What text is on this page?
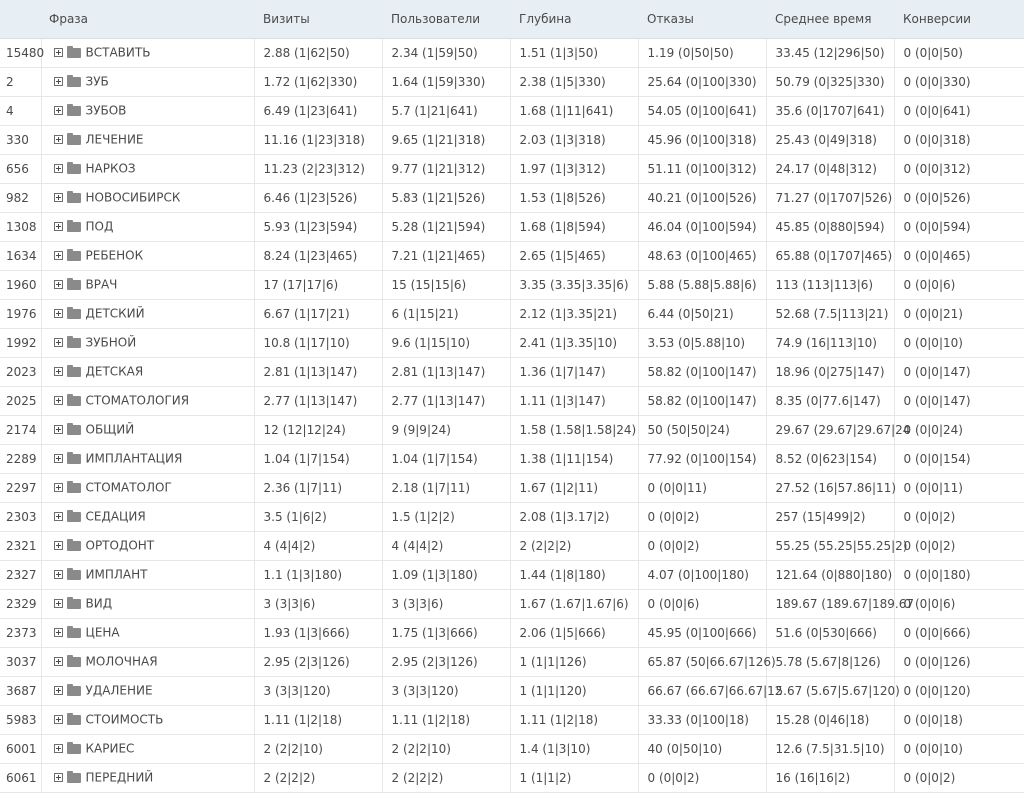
	Фраза	Визиты	Пользователи	Глубина	Отказы	Среднее время	Конверсии
15480	ВСТАВИТЬ	2.88 (1|62|50)	2.34 (1|59|50)	1.51 (1|3|50)	1.19 (0|50|50)	33.45 (12|296|50)	0 (0|0|50)
2	ЗУБ	1.72 (1|62|330)	1.64 (1|59|330)	2.38 (1|5|330)	25.64 (0|100|330)	50.79 (0|325|330)	0 (0|0|330)
4	ЗУБОВ	6.49 (1|23|641)	5.7 (1|21|641)	1.68 (1|11|641)	54.05 (0|100|641)	35.6 (0|1707|641)	0 (0|0|641)
330	ЛЕЧЕНИЕ	11.16 (1|23|318)	9.65 (1|21|318)	2.03 (1|3|318)	45.96 (0|100|318)	25.43 (0|49|318)	0 (0|0|318)
656	НАРКОЗ	11.23 (2|23|312)	9.77 (1|21|312)	1.97 (1|3|312)	51.11 (0|100|312)	24.17 (0|48|312)	0 (0|0|312)
982	НОВОСИБИРСК	6.46 (1|23|526)	5.83 (1|21|526)	1.53 (1|8|526)	40.21 (0|100|526)	71.27 (0|1707|526)	0 (0|0|526)
1308	ПОД	5.93 (1|23|594)	5.28 (1|21|594)	1.68 (1|8|594)	46.04 (0|100|594)	45.85 (0|880|594)	0 (0|0|594)
1634	РЕБЕНОК	8.24 (1|23|465)	7.21 (1|21|465)	2.65 (1|5|465)	48.63 (0|100|465)	65.88 (0|1707|465)	0 (0|0|465)
1960	ВРАЧ	17 (17|17|6)	15 (15|15|6)	3.35 (3.35|3.35|6)	5.88 (5.88|5.88|6)	113 (113|113|6)	0 (0|0|6)
1976	ДЕТСКИЙ	6.67 (1|17|21)	6 (1|15|21)	2.12 (1|3.35|21)	6.44 (0|50|21)	52.68 (7.5|113|21)	0 (0|0|21)
1992	ЗУБНОЙ	10.8 (1|17|10)	9.6 (1|15|10)	2.41 (1|3.35|10)	3.53 (0|5.88|10)	74.9 (16|113|10)	0 (0|0|10)
2023	ДЕТСКАЯ	2.81 (1|13|147)	2.81 (1|13|147)	1.36 (1|7|147)	58.82 (0|100|147)	18.96 (0|275|147)	0 (0|0|147)
2025	СТОМАТОЛОГИЯ	2.77 (1|13|147)	2.77 (1|13|147)	1.11 (1|3|147)	58.82 (0|100|147)	8.35 (0|77.6|147)	0 (0|0|147)
2174	ОБЩИЙ	12 (12|12|24)	9 (9|9|24)	1.58 (1.58|1.58|24)	50 (50|50|24)	29.67 (29.67|29.67|24	0 (0|0|24)
2289	ИМПЛАНТАЦИЯ	1.04 (1|7|154)	1.04 (1|7|154)	1.38 (1|11|154)	77.92 (0|100|154)	8.52 (0|623|154)	0 (0|0|154)
2297	СТОМАТОЛОГ	2.36 (1|7|11)	2.18 (1|7|11)	1.67 (1|2|11)	0 (0|0|11)	27.52 (16|57.86|11)	0 (0|0|11)
2303	СЕДАЦИЯ	3.5 (1|6|2)	1.5 (1|2|2)	2.08 (1|3.17|2)	0 (0|0|2)	257 (15|499|2)	0 (0|0|2)
2321	ОРТОДОНТ	4 (4|4|2)	4 (4|4|2)	2 (2|2|2)	0 (0|0|2)	55.25 (55.25|55.25|2)	0 (0|0|2)
2327	ИМПЛАНТ	1.1 (1|3|180)	1.09 (1|3|180)	1.44 (1|8|180)	4.07 (0|100|180)	121.64 (0|880|180)	0 (0|0|180)
2329	ВИД	3 (3|3|6)	3 (3|3|6)	1.67 (1.67|1.67|6)	0 (0|0|6)	189.67 (189.67|189.67	0 (0|0|6)
2373	ЦЕНА	1.93 (1|3|666)	1.75 (1|3|666)	2.06 (1|5|666)	45.95 (0|100|666)	51.6 (0|530|666)	0 (0|0|666)
3037	МОЛОЧНАЯ	2.95 (2|3|126)	2.95 (2|3|126)	1 (1|1|126)	65.87 (50|66.67|126)	5.78 (5.67|8|126)	0 (0|0|126)
3687	УДАЛЕНИЕ	3 (3|3|120)	3 (3|3|120)	1 (1|1|120)	66.67 (66.67|66.67|12	5.67 (5.67|5.67|120)	0 (0|0|120)
5983	СТОИМОСТЬ	1.11 (1|2|18)	1.11 (1|2|18)	1.11 (1|2|18)	33.33 (0|100|18)	15.28 (0|46|18)	0 (0|0|18)
6001	КАРИЕС	2 (2|2|10)	2 (2|2|10)	1.4 (1|3|10)	40 (0|50|10)	12.6 (7.5|31.5|10)	0 (0|0|10)
6061	ПЕРЕДНИЙ	2 (2|2|2)	2 (2|2|2)	1 (1|1|2)	0 (0|0|2)	16 (16|16|2)	0 (0|0|2)
